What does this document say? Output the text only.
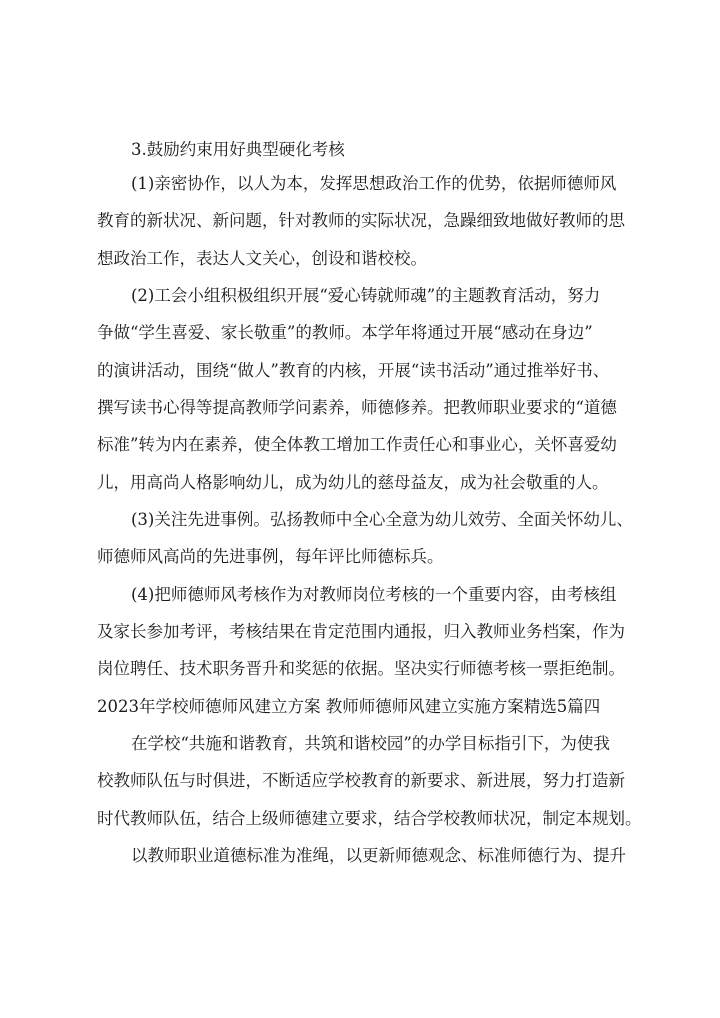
3.鼓励约束用好典型硬化考核

(1)亲密协作，以人为本，发挥思想政治工作的优势，依据师德师风

教育的新状况、新问题，针对教师的实际状况，急躁细致地做好教师的思

想政治工作，表达人文关心，创设和谐校校。

(2)工会小组积极组织开展“爱心铸就师魂”的主题教育活动，努力

争做“学生喜爱、家长敬重”的教师。本学年将通过开展“感动在身边”

的演讲活动，围绕“做人”教育的内核，开展“读书活动”通过推举好书、

撰写读书心得等提高教师学问素养，师德修养。把教师职业要求的“道德

标准”转为内在素养，使全体教工增加工作责任心和事业心，关怀喜爱幼

儿，用高尚人格影响幼儿，成为幼儿的慈母益友，成为社会敬重的人。

(3)关注先进事例。弘扬教师中全心全意为幼儿效劳、全面关怀幼儿、

师德师风高尚的先进事例，每年评比师德标兵。

(4)把师德师风考核作为对教师岗位考核的一个重要内容，由考核组

及家长参加考评，考核结果在肯定范围内通报，归入教师业务档案，作为

岗位聘任、技术职务晋升和奖惩的依据。坚决实行师德考核一票拒绝制。

2023年学校师德师风建立方案 教师师德师风建立实施方案精选5篇四

在学校“共施和谐教育，共筑和谐校园”的办学目标指引下，为使我

校教师队伍与时俱进，不断适应学校教育的新要求、新进展，努力打造新

时代教师队伍，结合上级师德建立要求，结合学校教师状况，制定本规划。

以教师职业道德标准为准绳，以更新师德观念、标准师德行为、提升
